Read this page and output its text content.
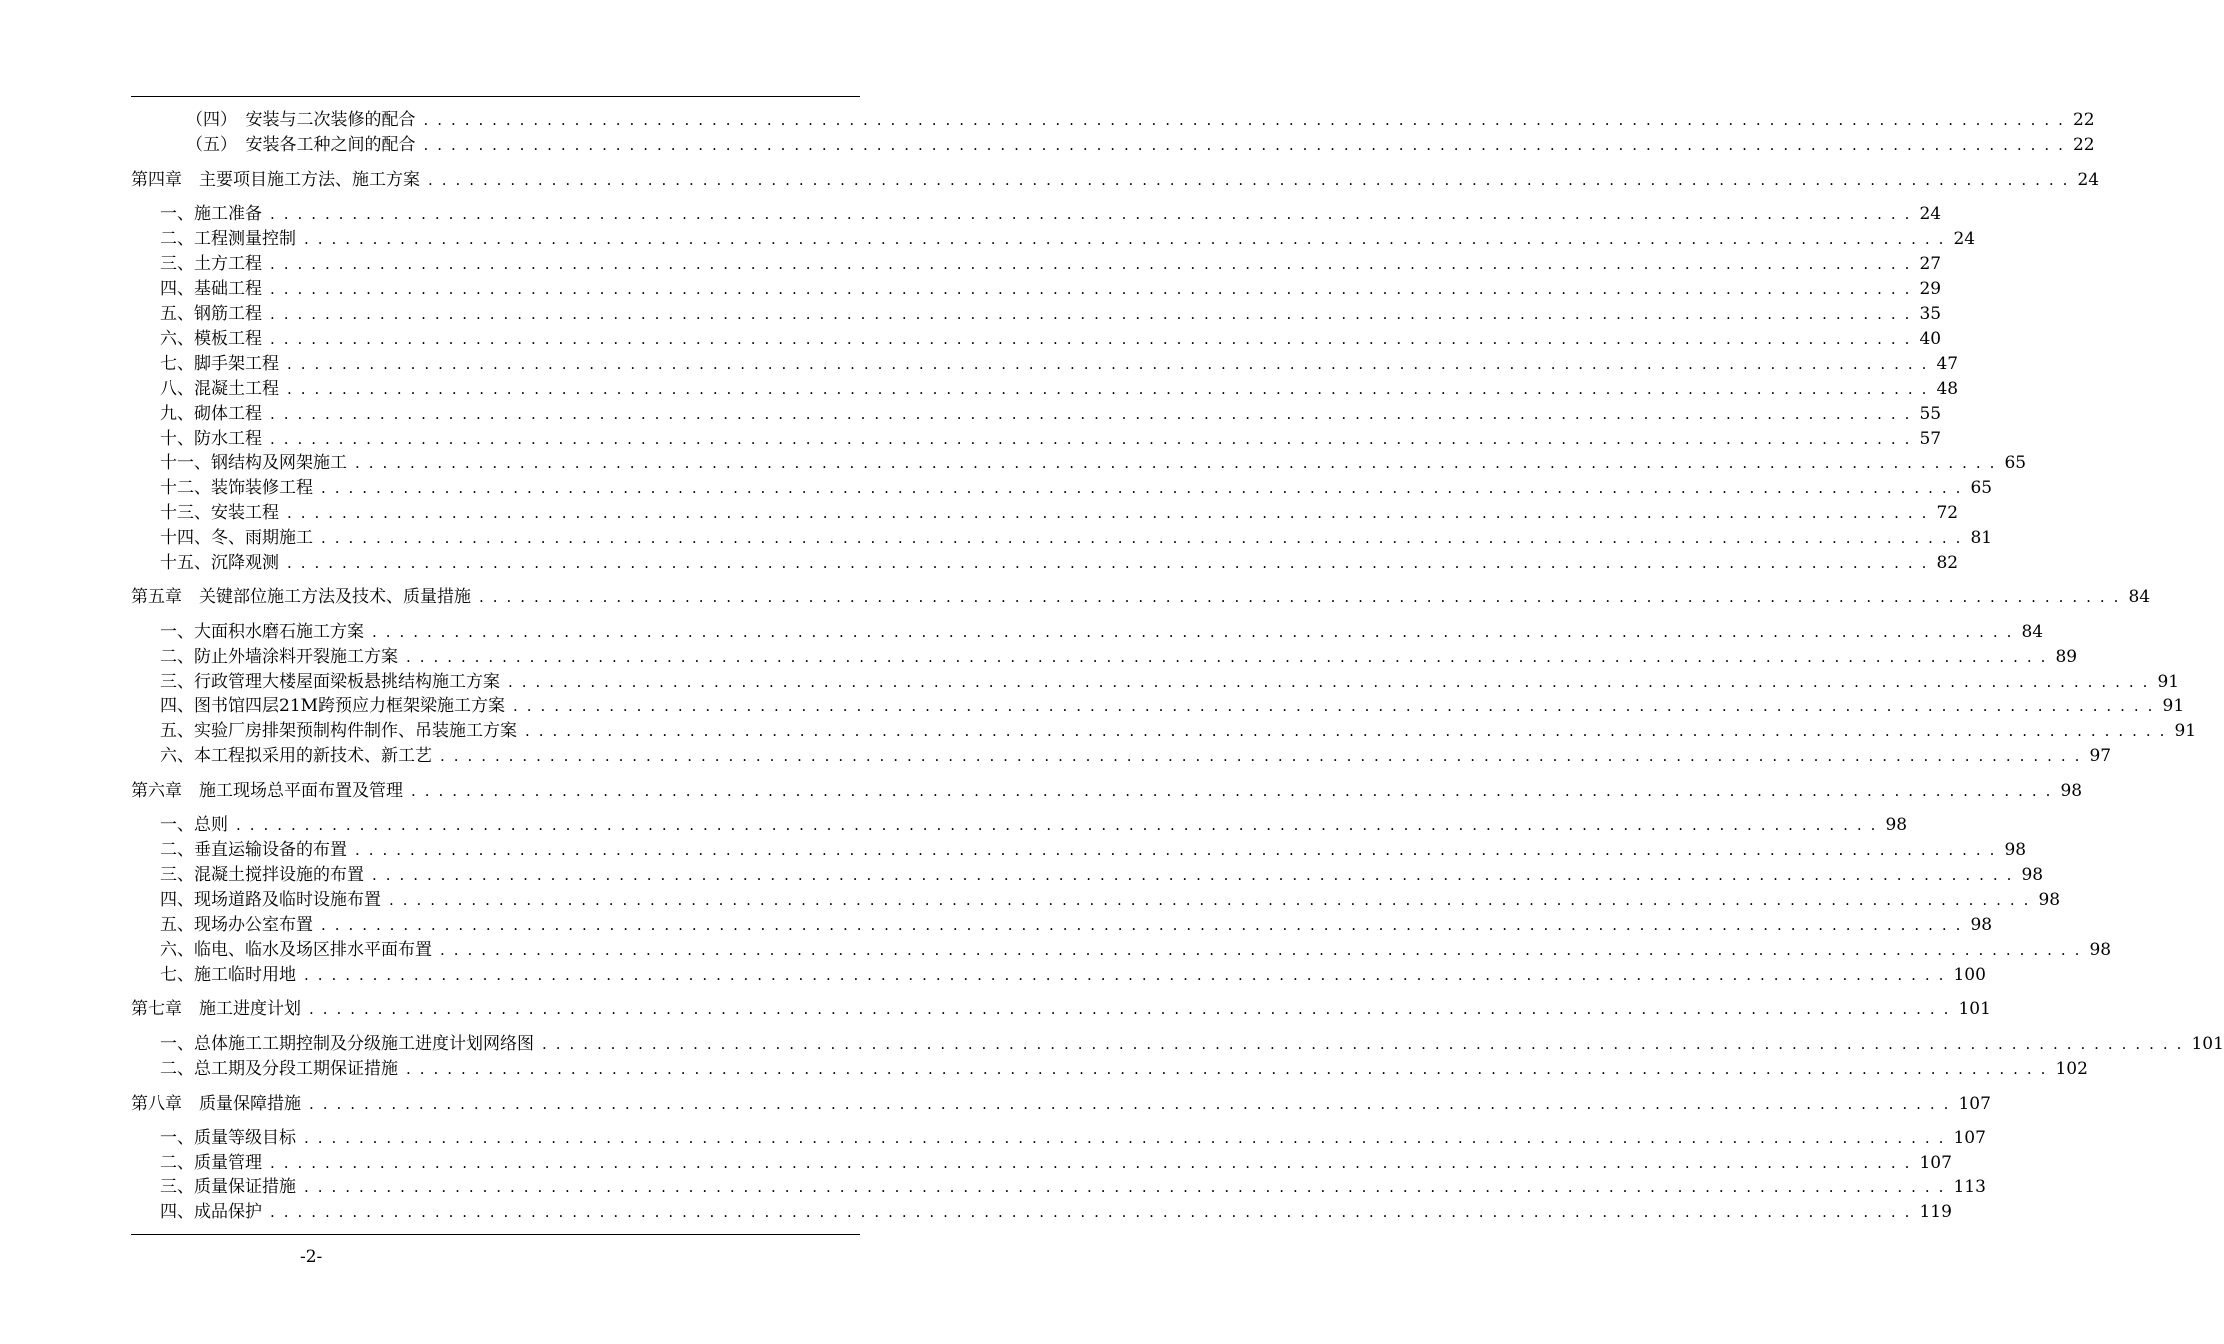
（四）　安装与二次装修的配合 . . . . . . . . . . . . . . . . . . . . . . . . . . . . . . . . . . . . . . . . . . . . . . . . . . . . . . . . . . . . . . . . . . . . . . . . . . . . . . . . . . . . . . . . . . . . . . . . . . . . . . . . . . . . . . . . . . . . . . . . 22
（五）　安装各工种之间的配合 . . . . . . . . . . . . . . . . . . . . . . . . . . . . . . . . . . . . . . . . . . . . . . . . . . . . . . . . . . . . . . . . . . . . . . . . . . . . . . . . . . . . . . . . . . . . . . . . . . . . . . . . . . . . . . . . . . . . . . . . 22
第四章　主要项目施工方法、施工方案 . . . . . . . . . . . . . . . . . . . . . . . . . . . . . . . . . . . . . . . . . . . . . . . . . . . . . . . . . . . . . . . . . . . . . . . . . . . . . . . . . . . . . . . . . . . . . . . . . . . . . . . . . . . . . . . . . . . . . . . . 24
一、施工准备 . . . . . . . . . . . . . . . . . . . . . . . . . . . . . . . . . . . . . . . . . . . . . . . . . . . . . . . . . . . . . . . . . . . . . . . . . . . . . . . . . . . . . . . . . . . . . . . . . . . . . . . . . . . . . . . . . . . . . . . . 24
二、工程测量控制 . . . . . . . . . . . . . . . . . . . . . . . . . . . . . . . . . . . . . . . . . . . . . . . . . . . . . . . . . . . . . . . . . . . . . . . . . . . . . . . . . . . . . . . . . . . . . . . . . . . . . . . . . . . . . . . . . . . . . . . . 24
三、土方工程 . . . . . . . . . . . . . . . . . . . . . . . . . . . . . . . . . . . . . . . . . . . . . . . . . . . . . . . . . . . . . . . . . . . . . . . . . . . . . . . . . . . . . . . . . . . . . . . . . . . . . . . . . . . . . . . . . . . . . . . . 27
四、基础工程 . . . . . . . . . . . . . . . . . . . . . . . . . . . . . . . . . . . . . . . . . . . . . . . . . . . . . . . . . . . . . . . . . . . . . . . . . . . . . . . . . . . . . . . . . . . . . . . . . . . . . . . . . . . . . . . . . . . . . . . . 29
五、钢筋工程 . . . . . . . . . . . . . . . . . . . . . . . . . . . . . . . . . . . . . . . . . . . . . . . . . . . . . . . . . . . . . . . . . . . . . . . . . . . . . . . . . . . . . . . . . . . . . . . . . . . . . . . . . . . . . . . . . . . . . . . . 35
六、模板工程 . . . . . . . . . . . . . . . . . . . . . . . . . . . . . . . . . . . . . . . . . . . . . . . . . . . . . . . . . . . . . . . . . . . . . . . . . . . . . . . . . . . . . . . . . . . . . . . . . . . . . . . . . . . . . . . . . . . . . . . . 40
七、脚手架工程 . . . . . . . . . . . . . . . . . . . . . . . . . . . . . . . . . . . . . . . . . . . . . . . . . . . . . . . . . . . . . . . . . . . . . . . . . . . . . . . . . . . . . . . . . . . . . . . . . . . . . . . . . . . . . . . . . . . . . . . . 47
八、混凝土工程 . . . . . . . . . . . . . . . . . . . . . . . . . . . . . . . . . . . . . . . . . . . . . . . . . . . . . . . . . . . . . . . . . . . . . . . . . . . . . . . . . . . . . . . . . . . . . . . . . . . . . . . . . . . . . . . . . . . . . . . . 48
九、砌体工程 . . . . . . . . . . . . . . . . . . . . . . . . . . . . . . . . . . . . . . . . . . . . . . . . . . . . . . . . . . . . . . . . . . . . . . . . . . . . . . . . . . . . . . . . . . . . . . . . . . . . . . . . . . . . . . . . . . . . . . . . 55
十、防水工程 . . . . . . . . . . . . . . . . . . . . . . . . . . . . . . . . . . . . . . . . . . . . . . . . . . . . . . . . . . . . . . . . . . . . . . . . . . . . . . . . . . . . . . . . . . . . . . . . . . . . . . . . . . . . . . . . . . . . . . . . 57
十一、钢结构及网架施工 . . . . . . . . . . . . . . . . . . . . . . . . . . . . . . . . . . . . . . . . . . . . . . . . . . . . . . . . . . . . . . . . . . . . . . . . . . . . . . . . . . . . . . . . . . . . . . . . . . . . . . . . . . . . . . . . . . . . . . . . 65
十二、装饰装修工程 . . . . . . . . . . . . . . . . . . . . . . . . . . . . . . . . . . . . . . . . . . . . . . . . . . . . . . . . . . . . . . . . . . . . . . . . . . . . . . . . . . . . . . . . . . . . . . . . . . . . . . . . . . . . . . . . . . . . . . . . 65
十三、安装工程 . . . . . . . . . . . . . . . . . . . . . . . . . . . . . . . . . . . . . . . . . . . . . . . . . . . . . . . . . . . . . . . . . . . . . . . . . . . . . . . . . . . . . . . . . . . . . . . . . . . . . . . . . . . . . . . . . . . . . . . . 72
十四、冬、雨期施工 . . . . . . . . . . . . . . . . . . . . . . . . . . . . . . . . . . . . . . . . . . . . . . . . . . . . . . . . . . . . . . . . . . . . . . . . . . . . . . . . . . . . . . . . . . . . . . . . . . . . . . . . . . . . . . . . . . . . . . . . 81
十五、沉降观测 . . . . . . . . . . . . . . . . . . . . . . . . . . . . . . . . . . . . . . . . . . . . . . . . . . . . . . . . . . . . . . . . . . . . . . . . . . . . . . . . . . . . . . . . . . . . . . . . . . . . . . . . . . . . . . . . . . . . . . . . 82
第五章　关键部位施工方法及技术、质量措施 . . . . . . . . . . . . . . . . . . . . . . . . . . . . . . . . . . . . . . . . . . . . . . . . . . . . . . . . . . . . . . . . . . . . . . . . . . . . . . . . . . . . . . . . . . . . . . . . . . . . . . . . . . . . . . . . . . . . . . . . 84
一、大面积水磨石施工方案 . . . . . . . . . . . . . . . . . . . . . . . . . . . . . . . . . . . . . . . . . . . . . . . . . . . . . . . . . . . . . . . . . . . . . . . . . . . . . . . . . . . . . . . . . . . . . . . . . . . . . . . . . . . . . . . . . . . . . . . . 84
二、防止外墙涂料开裂施工方案 . . . . . . . . . . . . . . . . . . . . . . . . . . . . . . . . . . . . . . . . . . . . . . . . . . . . . . . . . . . . . . . . . . . . . . . . . . . . . . . . . . . . . . . . . . . . . . . . . . . . . . . . . . . . . . . . . . . . . . . . 89
三、行政管理大楼屋面梁板悬挑结构施工方案 . . . . . . . . . . . . . . . . . . . . . . . . . . . . . . . . . . . . . . . . . . . . . . . . . . . . . . . . . . . . . . . . . . . . . . . . . . . . . . . . . . . . . . . . . . . . . . . . . . . . . . . . . . . . . . . . . . . . . . . . 91
四、图书馆四层21M跨预应力框架梁施工方案 . . . . . . . . . . . . . . . . . . . . . . . . . . . . . . . . . . . . . . . . . . . . . . . . . . . . . . . . . . . . . . . . . . . . . . . . . . . . . . . . . . . . . . . . . . . . . . . . . . . . . . . . . . . . . . . . . . . . . . . . 91
五、实验厂房排架预制构件制作、吊装施工方案 . . . . . . . . . . . . . . . . . . . . . . . . . . . . . . . . . . . . . . . . . . . . . . . . . . . . . . . . . . . . . . . . . . . . . . . . . . . . . . . . . . . . . . . . . . . . . . . . . . . . . . . . . . . . . . . . . . . . . . . . 91
六、本工程拟采用的新技术、新工艺 . . . . . . . . . . . . . . . . . . . . . . . . . . . . . . . . . . . . . . . . . . . . . . . . . . . . . . . . . . . . . . . . . . . . . . . . . . . . . . . . . . . . . . . . . . . . . . . . . . . . . . . . . . . . . . . . . . . . . . . . 97
第六章　施工现场总平面布置及管理 . . . . . . . . . . . . . . . . . . . . . . . . . . . . . . . . . . . . . . . . . . . . . . . . . . . . . . . . . . . . . . . . . . . . . . . . . . . . . . . . . . . . . . . . . . . . . . . . . . . . . . . . . . . . . . . . . . . . . . . . 98
一、总则 . . . . . . . . . . . . . . . . . . . . . . . . . . . . . . . . . . . . . . . . . . . . . . . . . . . . . . . . . . . . . . . . . . . . . . . . . . . . . . . . . . . . . . . . . . . . . . . . . . . . . . . . . . . . . . . . . . . . . . . . 98
二、垂直运输设备的布置 . . . . . . . . . . . . . . . . . . . . . . . . . . . . . . . . . . . . . . . . . . . . . . . . . . . . . . . . . . . . . . . . . . . . . . . . . . . . . . . . . . . . . . . . . . . . . . . . . . . . . . . . . . . . . . . . . . . . . . . . 98
三、混凝土搅拌设施的布置 . . . . . . . . . . . . . . . . . . . . . . . . . . . . . . . . . . . . . . . . . . . . . . . . . . . . . . . . . . . . . . . . . . . . . . . . . . . . . . . . . . . . . . . . . . . . . . . . . . . . . . . . . . . . . . . . . . . . . . . . 98
四、现场道路及临时设施布置 . . . . . . . . . . . . . . . . . . . . . . . . . . . . . . . . . . . . . . . . . . . . . . . . . . . . . . . . . . . . . . . . . . . . . . . . . . . . . . . . . . . . . . . . . . . . . . . . . . . . . . . . . . . . . . . . . . . . . . . . 98
五、现场办公室布置 . . . . . . . . . . . . . . . . . . . . . . . . . . . . . . . . . . . . . . . . . . . . . . . . . . . . . . . . . . . . . . . . . . . . . . . . . . . . . . . . . . . . . . . . . . . . . . . . . . . . . . . . . . . . . . . . . . . . . . . . 98
六、临电、临水及场区排水平面布置 . . . . . . . . . . . . . . . . . . . . . . . . . . . . . . . . . . . . . . . . . . . . . . . . . . . . . . . . . . . . . . . . . . . . . . . . . . . . . . . . . . . . . . . . . . . . . . . . . . . . . . . . . . . . . . . . . . . . . . . . 98
七、施工临时用地 . . . . . . . . . . . . . . . . . . . . . . . . . . . . . . . . . . . . . . . . . . . . . . . . . . . . . . . . . . . . . . . . . . . . . . . . . . . . . . . . . . . . . . . . . . . . . . . . . . . . . . . . . . . . . . . . . . . . . . . . 100
第七章　施工进度计划 . . . . . . . . . . . . . . . . . . . . . . . . . . . . . . . . . . . . . . . . . . . . . . . . . . . . . . . . . . . . . . . . . . . . . . . . . . . . . . . . . . . . . . . . . . . . . . . . . . . . . . . . . . . . . . . . . . . . . . . . 101
一、总体施工工期控制及分级施工进度计划网络图 . . . . . . . . . . . . . . . . . . . . . . . . . . . . . . . . . . . . . . . . . . . . . . . . . . . . . . . . . . . . . . . . . . . . . . . . . . . . . . . . . . . . . . . . . . . . . . . . . . . . . . . . . . . . . . . . . . . . . . . . 101
二、总工期及分段工期保证措施 . . . . . . . . . . . . . . . . . . . . . . . . . . . . . . . . . . . . . . . . . . . . . . . . . . . . . . . . . . . . . . . . . . . . . . . . . . . . . . . . . . . . . . . . . . . . . . . . . . . . . . . . . . . . . . . . . . . . . . . . 102
第八章　质量保障措施 . . . . . . . . . . . . . . . . . . . . . . . . . . . . . . . . . . . . . . . . . . . . . . . . . . . . . . . . . . . . . . . . . . . . . . . . . . . . . . . . . . . . . . . . . . . . . . . . . . . . . . . . . . . . . . . . . . . . . . . . 107
一、质量等级目标 . . . . . . . . . . . . . . . . . . . . . . . . . . . . . . . . . . . . . . . . . . . . . . . . . . . . . . . . . . . . . . . . . . . . . . . . . . . . . . . . . . . . . . . . . . . . . . . . . . . . . . . . . . . . . . . . . . . . . . . . 107
二、质量管理 . . . . . . . . . . . . . . . . . . . . . . . . . . . . . . . . . . . . . . . . . . . . . . . . . . . . . . . . . . . . . . . . . . . . . . . . . . . . . . . . . . . . . . . . . . . . . . . . . . . . . . . . . . . . . . . . . . . . . . . . 107
三、质量保证措施 . . . . . . . . . . . . . . . . . . . . . . . . . . . . . . . . . . . . . . . . . . . . . . . . . . . . . . . . . . . . . . . . . . . . . . . . . . . . . . . . . . . . . . . . . . . . . . . . . . . . . . . . . . . . . . . . . . . . . . . . 113
四、成品保护 . . . . . . . . . . . . . . . . . . . . . . . . . . . . . . . . . . . . . . . . . . . . . . . . . . . . . . . . . . . . . . . . . . . . . . . . . . . . . . . . . . . . . . . . . . . . . . . . . . . . . . . . . . . . . . . . . . . . . . . . 119
-2-
